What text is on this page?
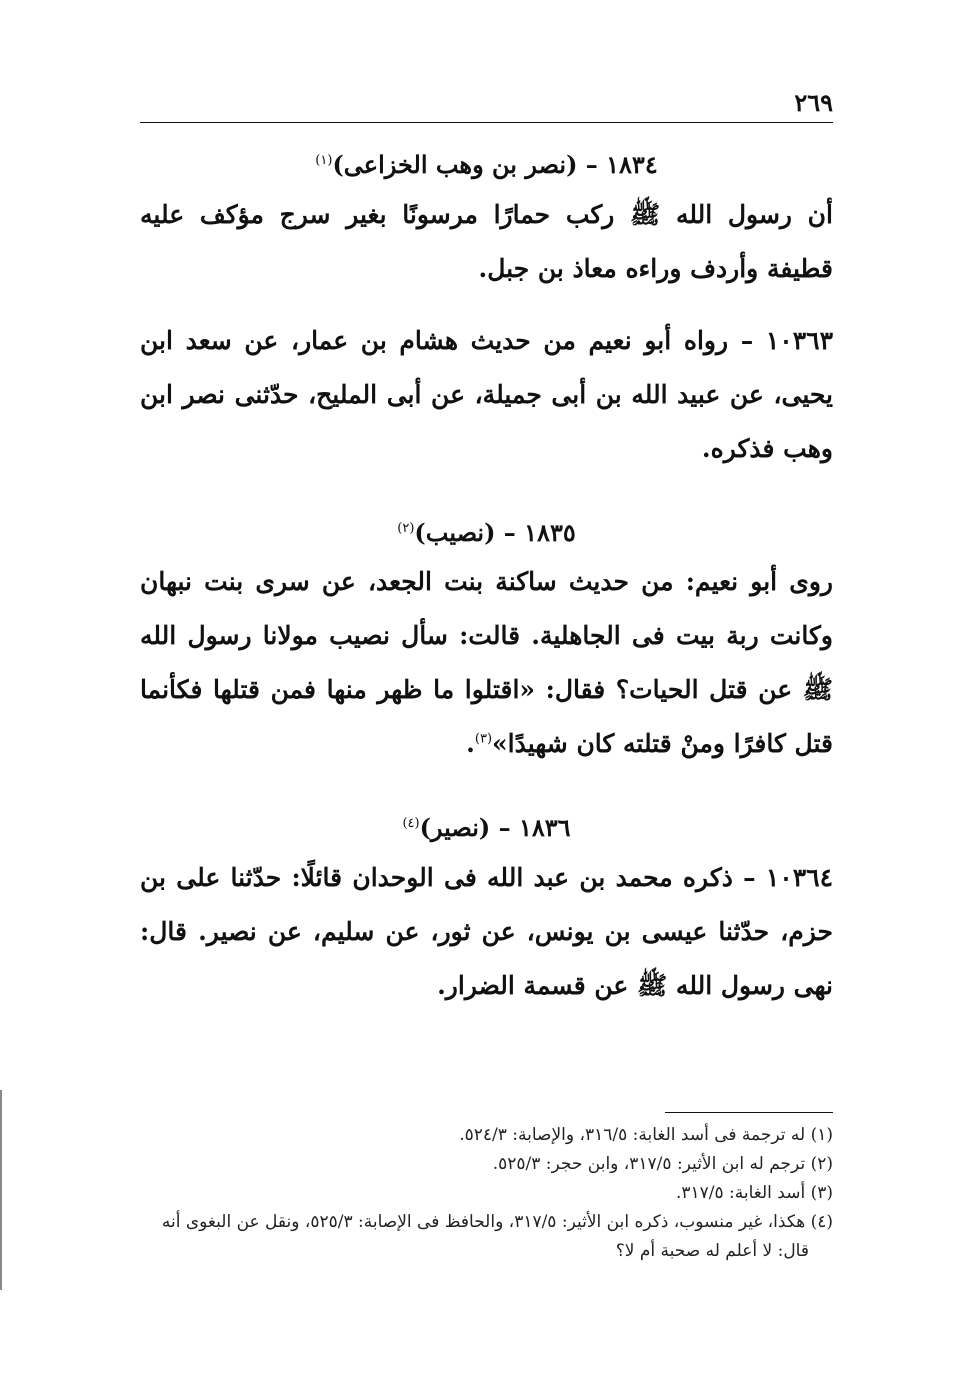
٢٦٩
١٨٣٤ – (نصر بن وهب الخزاعى)$^{(١)}$

أن رسول الله ﷺ ركب حمارًا مرسونًا بغير سرج مؤكف عليه قطيفة وأردف وراءه معاذ بن جبل.

١٠٣٦٣ – رواه أبو نعيم من حديث هشام بن عمار، عن سعد ابن يحيى، عن عبيد الله بن أبى جميلة، عن أبى المليح، حدّثنى نصر ابن وهب فذكره.

١٨٣٥ – (نصيب)$^{(٢)}$

روى أبو نعيم: من حديث ساكنة بنت الجعد، عن سرى بنت نبهان وكانت ربة بيت فى الجاهلية. قالت: سأل نصيب مولانا رسول الله ﷺ عن قتل الحيات؟ فقال: «اقتلوا ما ظهر منها فمن قتلها فكأنما قتل كافرًا ومنْ قتلته كان شهيدًا»$^{(٣)}$.

١٨٣٦ – (نصير)$^{(٤)}$

١٠٣٦٤ – ذكره محمد بن عبد الله فى الوحدان قائلًا: حدّثنا على بن حزم، حدّثنا عيسى بن يونس، عن ثور، عن سليم، عن نصير. قال: نهى رسول الله ﷺ عن قسمة الضرار.

(١) له ترجمة فى أسد الغابة: ٣١٦/٥، والإصابة: ٥٢٤/٣.

(٢) ترجم له ابن الأثير: ٣١٧/٥، وابن حجر: ٥٢٥/٣.

(٣) أسد الغابة: ٣١٧/٥.

(٤) هكذا، غير منسوب، ذكره ابن الأثير: ٣١٧/٥، والحافظ فى الإصابة: ٥٢٥/٣، ونقل عن البغوى أنه قال: لا أعلم له صحبة أم لا؟
